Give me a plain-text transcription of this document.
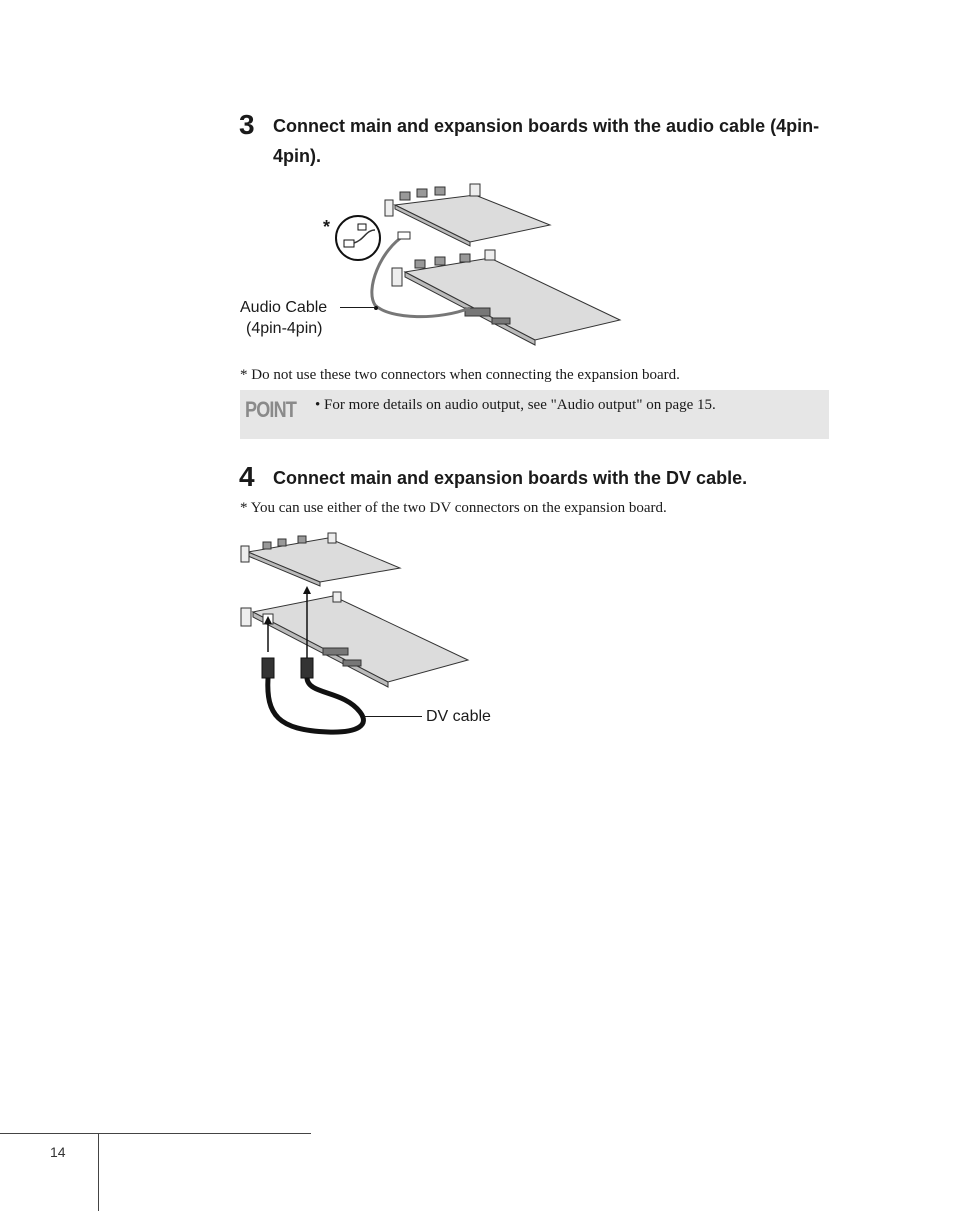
3 Connect main and expansion boards with the audio cable (4pin-4pin).
*
Audio Cable
(4pin-4pin)
* Do not use these two connectors when connecting the expansion board.
POINT • For more details on audio output, see "Audio output" on page 15.
4 Connect main and expansion boards with the DV cable.
* You can use either of the two DV connectors on the expansion board.
DV cable
14
